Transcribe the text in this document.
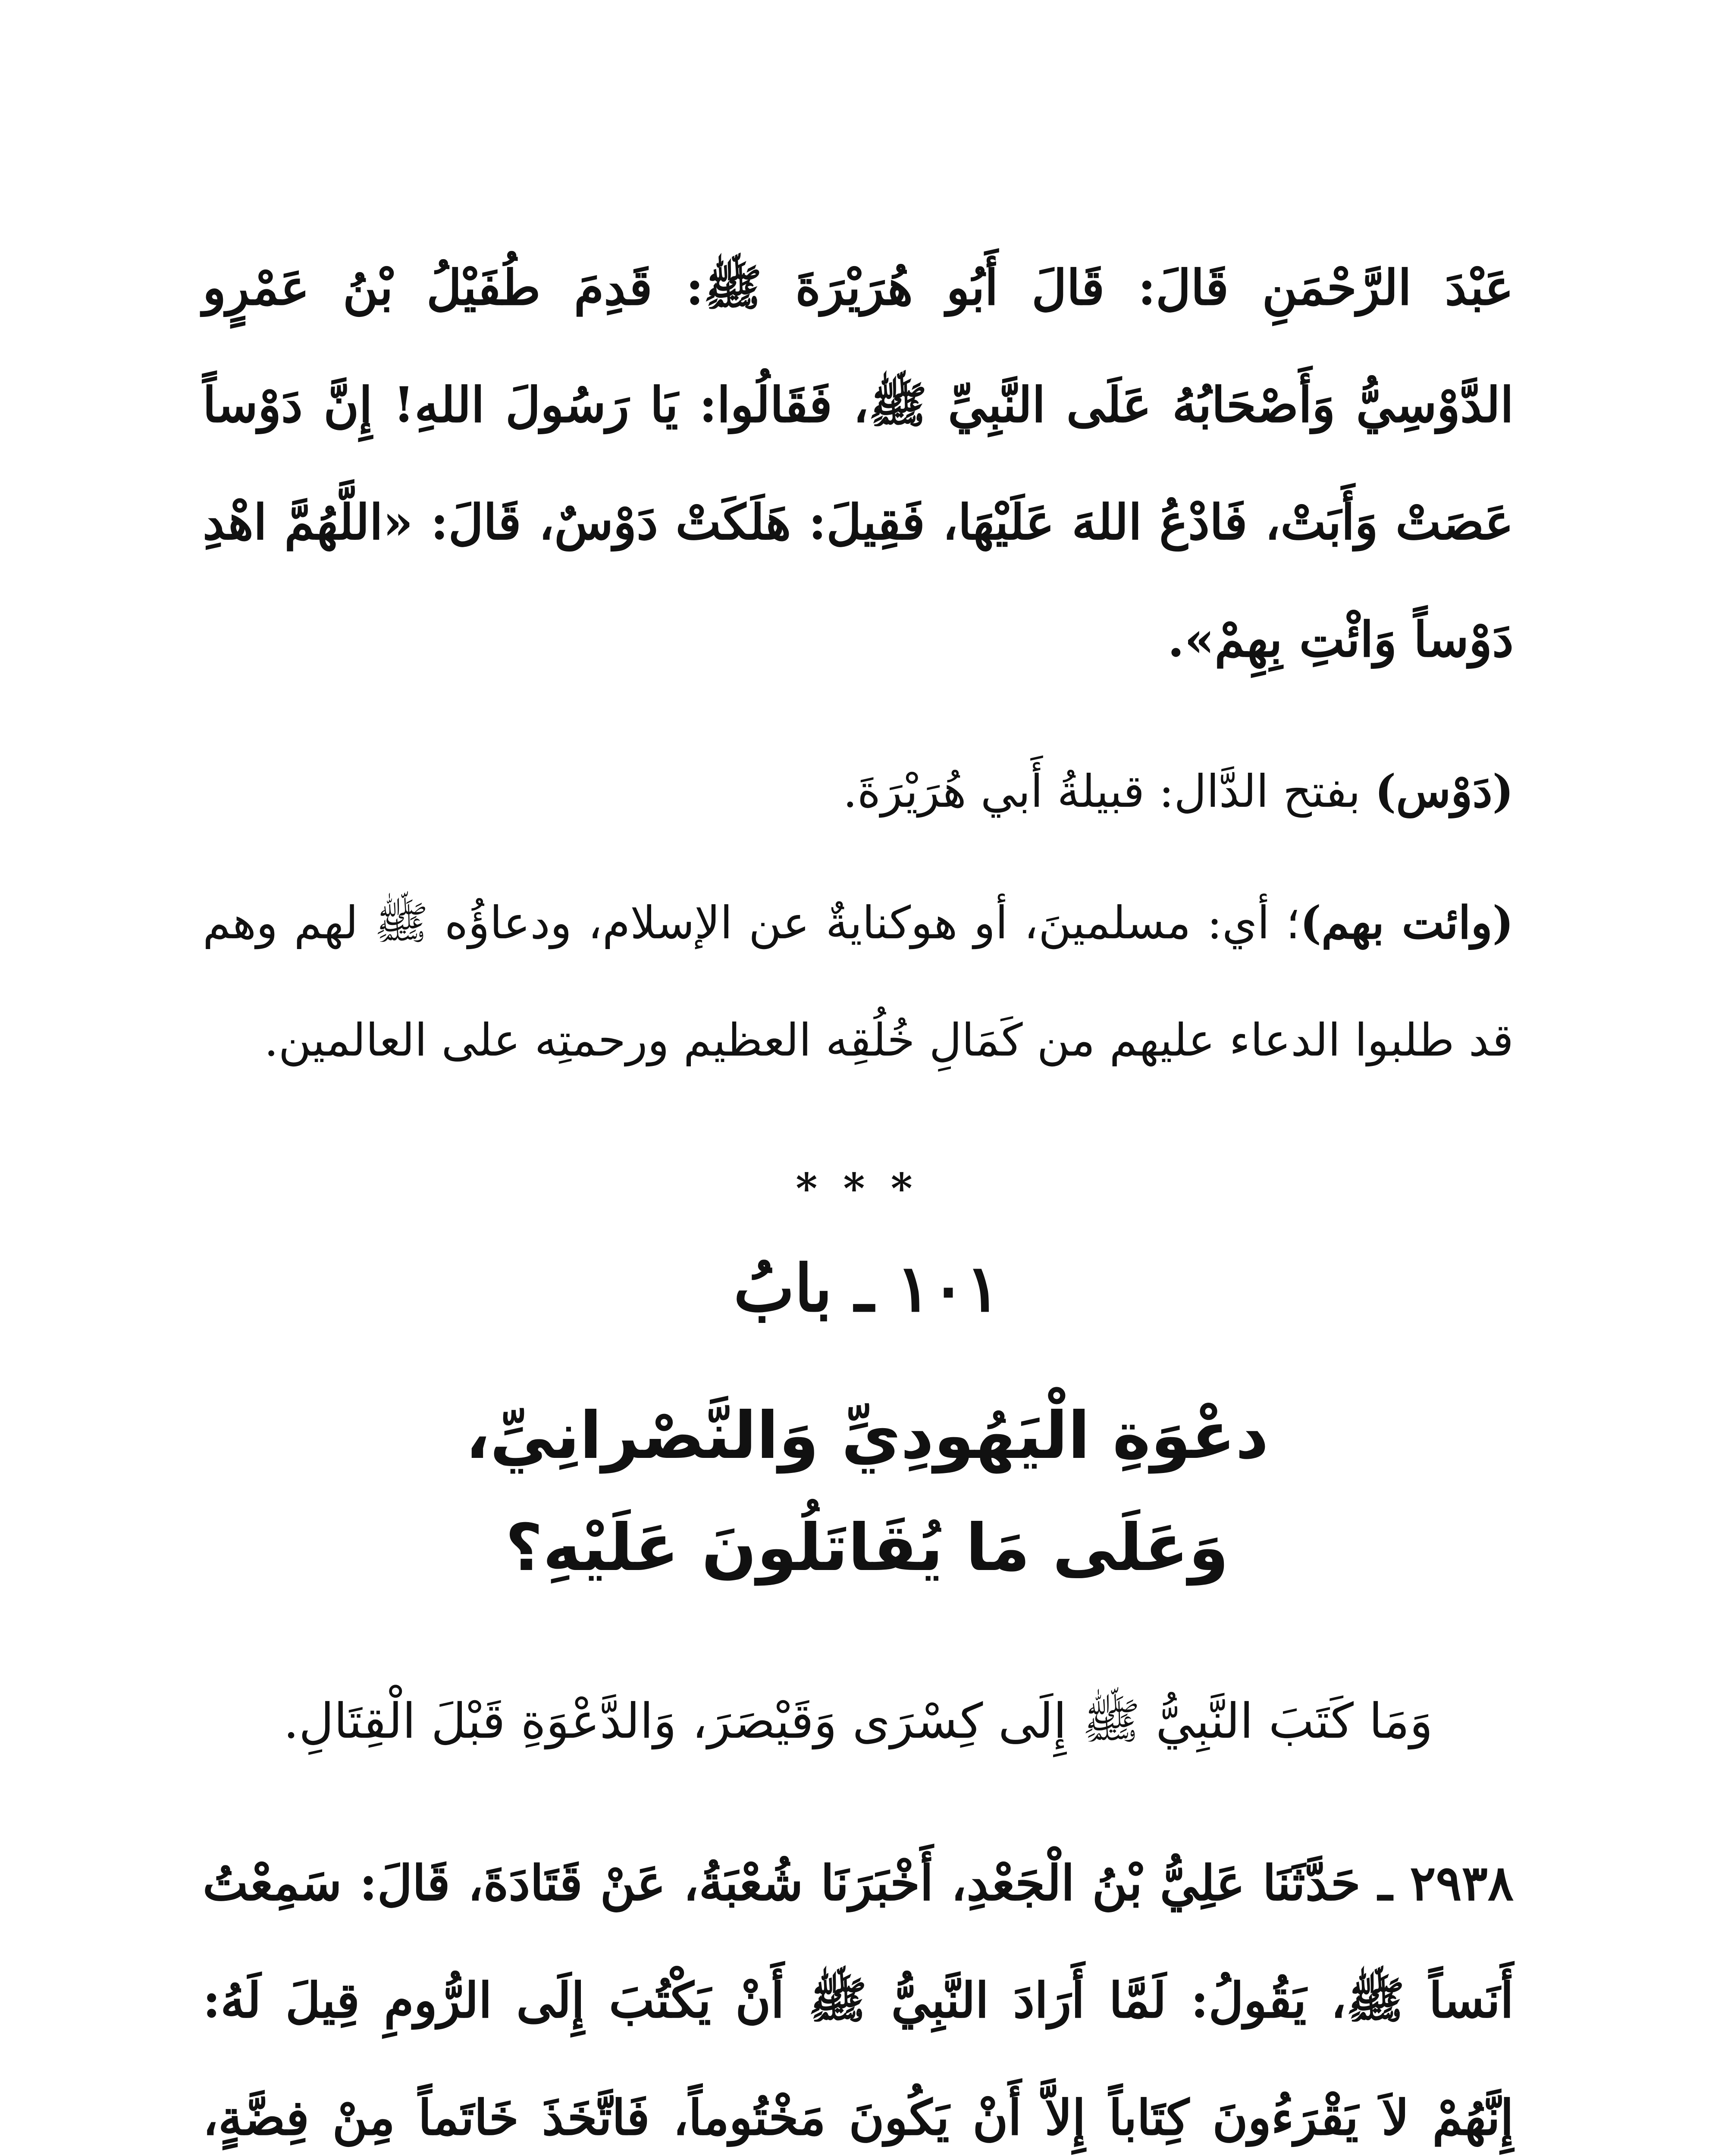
عَبْدَ الرَّحْمَنِ قَالَ: قَالَ أَبُو هُرَيْرَةَ ﷺ: قَدِمَ طُفَيْلُ بْنُ عَمْرٍو الدَّوْسِيُّ وَأَصْحَابُهُ عَلَى النَّبِيِّ ﷺ، فَقَالُوا: يَا رَسُولَ اللهِ! إِنَّ دَوْساً عَصَتْ وَأَبَتْ، فَادْعُ اللهَ عَلَيْهَا، فَقِيلَ: هَلَكَتْ دَوْسٌ، قَالَ: «اللَّهُمَّ اهْدِ دَوْساً وَائْتِ بِهِمْ».

(دَوْس) بفتح الدَّال: قبيلةُ أَبي هُرَيْرَةَ.

(وائت بهم)؛ أي: مسلمينَ، أو هوكنايةٌ عن الإسلام، ودعاؤُه ﷺ لهم وهم قد طلبوا الدعاء عليهم من كَمَالِ خُلُقِه العظيم ورحمتِه على العالمين.

***
١٠١ ـ بابُ
دعْوَةِ الْيَهُودِيِّ وَالنَّصْرانِيِّ،
وَعَلَى مَا يُقَاتَلُونَ عَلَيْهِ؟

وَمَا كَتَبَ النَّبِيُّ ﷺ إِلَى كِسْرَى وَقَيْصَرَ، وَالدَّعْوَةِ قَبْلَ الْقِتَالِ.

٢٩٣٨ ـ حَدَّثَنَا عَلِيُّ بْنُ الْجَعْدِ، أَخْبَرَنَا شُعْبَةُ، عَنْ قَتَادَةَ، قَالَ: سَمِعْتُ أَنَساً ﷺ، يَقُولُ: لَمَّا أَرَادَ النَّبِيُّ ﷺ أَنْ يَكْتُبَ إِلَى الرُّومِ قِيلَ لَهُ: إِنَّهُمْ لاَ يَقْرَءُونَ كِتَاباً إِلاَّ أَنْ يَكُونَ مَخْتُوماً، فَاتَّخَذَ خَاتَماً مِنْ فِضَّةٍ،
